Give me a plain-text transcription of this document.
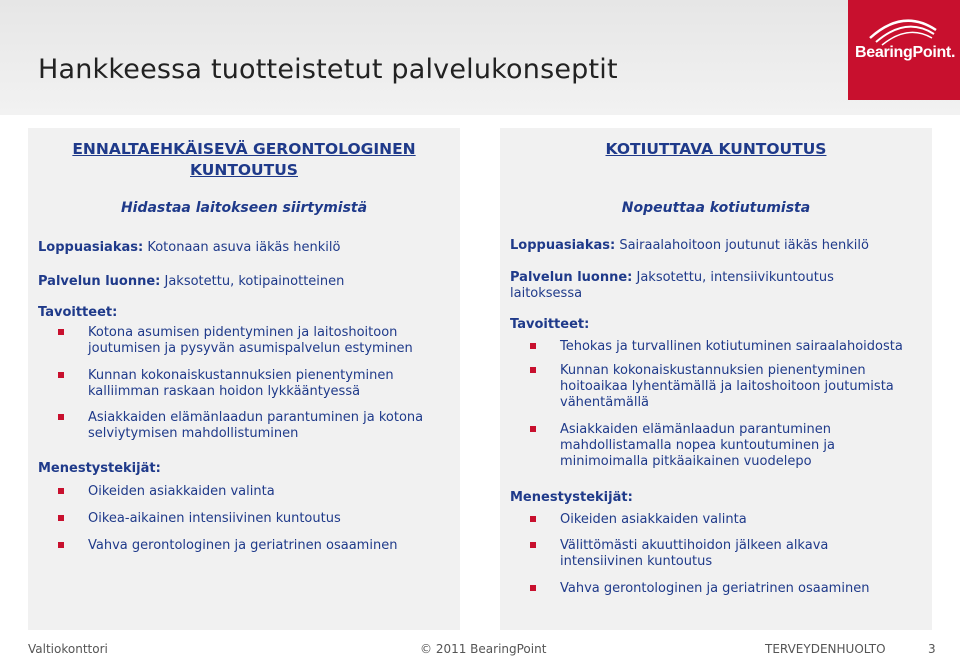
Hankkeessa tuotteistetut palvelukonseptit
BearingPoint.
ENNALTAEHKÄISEVÄ GERONTOLOGINEN
KUNTOUTUS
Hidastaa laitokseen siirtymistä
Loppuasiakas: Kotonaan asuva iäkäs henkilö
Palvelun luonne: Jaksotettu, kotipainotteinen
Tavoitteet:
Kotona asumisen pidentyminen ja laitoshoitoon
joutumisen ja pysyvän asumispalvelun estyminen
Kunnan kokonaiskustannuksien pienentyminen
kalliimman raskaan hoidon lykkääntyessä
Asiakkaiden elämänlaadun parantuminen ja kotona
selviytymisen mahdollistuminen
Menestystekijät:
Oikeiden asiakkaiden valinta
Oikea-aikainen intensiivinen kuntoutus
Vahva gerontologinen ja geriatrinen osaaminen
KOTIUTTAVA KUNTOUTUS
Nopeuttaa kotiutumista
Loppuasiakas: Sairaalahoitoon joutunut iäkäs henkilö
Palvelun luonne: Jaksotettu, intensiivikuntoutus
laitoksessa
Tavoitteet:
Tehokas ja turvallinen kotiutuminen sairaalahoidosta
Kunnan kokonaiskustannuksien pienentyminen
hoitoaikaa lyhentämällä ja laitoshoitoon joutumista
vähentämällä
Asiakkaiden elämänlaadun parantuminen
mahdollistamalla nopea kuntoutuminen ja
minimoimalla pitkäaikainen vuodelepo
Menestystekijät:
Oikeiden asiakkaiden valinta
Välittömästi akuuttihoidon jälkeen alkava
intensiivinen kuntoutus
Vahva gerontologinen ja geriatrinen osaaminen
Valtiokonttori	© 2011 BearingPoint	TERVEYDENHUOLTO	3
